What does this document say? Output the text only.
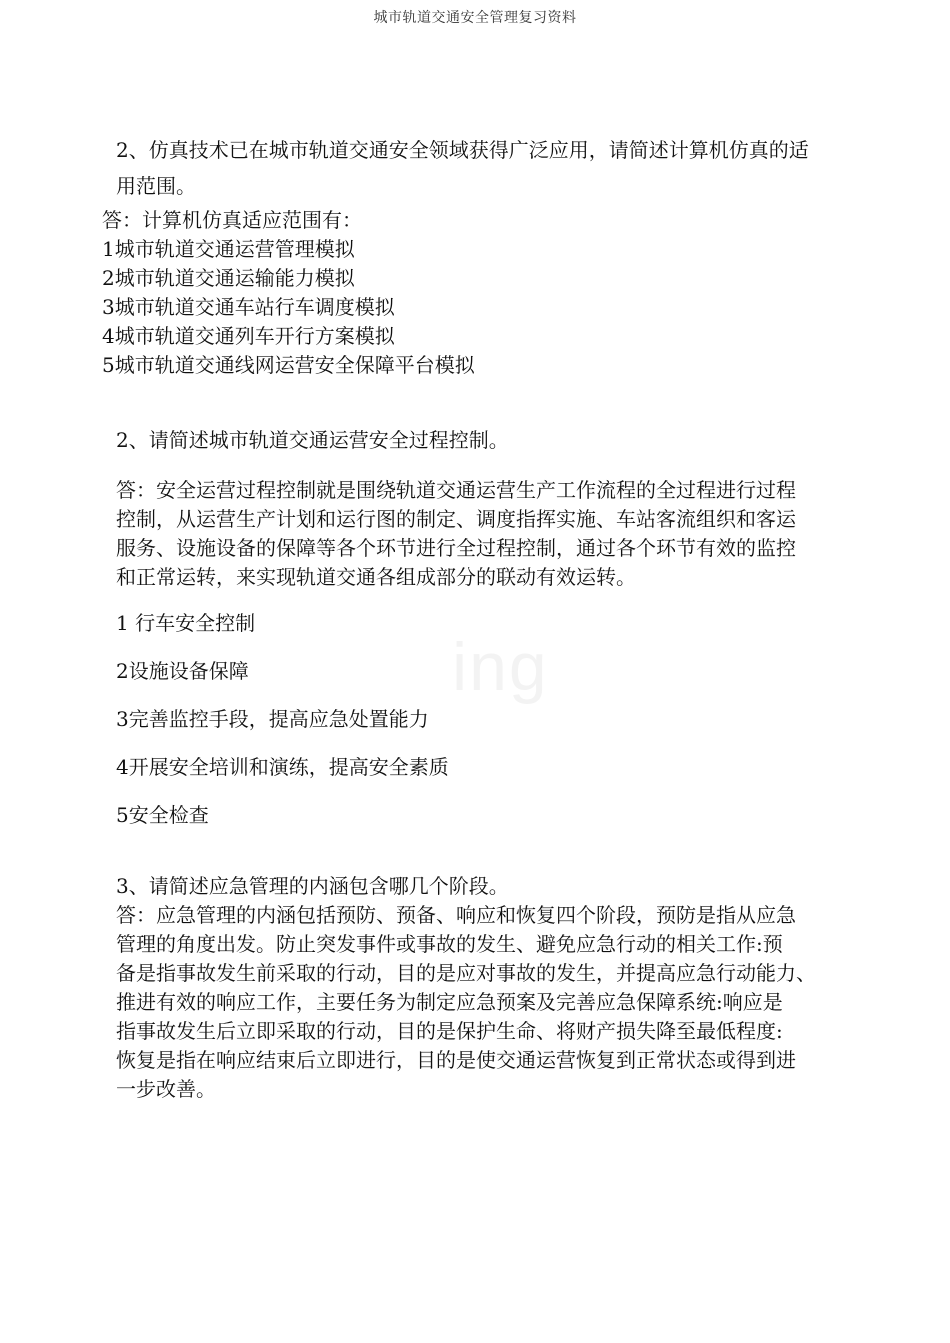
城市轨道交通安全管理复习资料
ing
2、仿真技术已在城市轨道交通安全领域获得广泛应用，请简述计算机仿真的适
用范围。
答：计算机仿真适应范围有：
1城市轨道交通运营管理模拟
2城市轨道交通运输能力模拟
3城市轨道交通车站行车调度模拟
4城市轨道交通列车开行方案模拟
5城市轨道交通线网运营安全保障平台模拟
2、请简述城市轨道交通运营安全过程控制。
答：安全运营过程控制就是围绕轨道交通运营生产工作流程的全过程进行过程
控制，从运营生产计划和运行图的制定、调度指挥实施、车站客流组织和客运
服务、设施设备的保障等各个环节进行全过程控制，通过各个环节有效的监控
和正常运转，来实现轨道交通各组成部分的联动有效运转。
1 行车安全控制
2设施设备保障
3完善监控手段，提高应急处置能力
4开展安全培训和演练，提高安全素质
5安全检查
3、请简述应急管理的内涵包含哪几个阶段。
答：应急管理的内涵包括预防、预备、响应和恢复四个阶段，预防是指从应急
管理的角度出发。防止突发事件或事故的发生、避免应急行动的相关工作:预
备是指事故发生前采取的行动，目的是应对事故的发生，并提高应急行动能力、
推进有效的响应工作，主要任务为制定应急预案及完善应急保障系统:响应是
指事故发生后立即采取的行动，目的是保护生命、将财产损失降至最低程度:
恢复是指在响应结束后立即进行，目的是使交通运营恢复到正常状态或得到进
一步改善。
